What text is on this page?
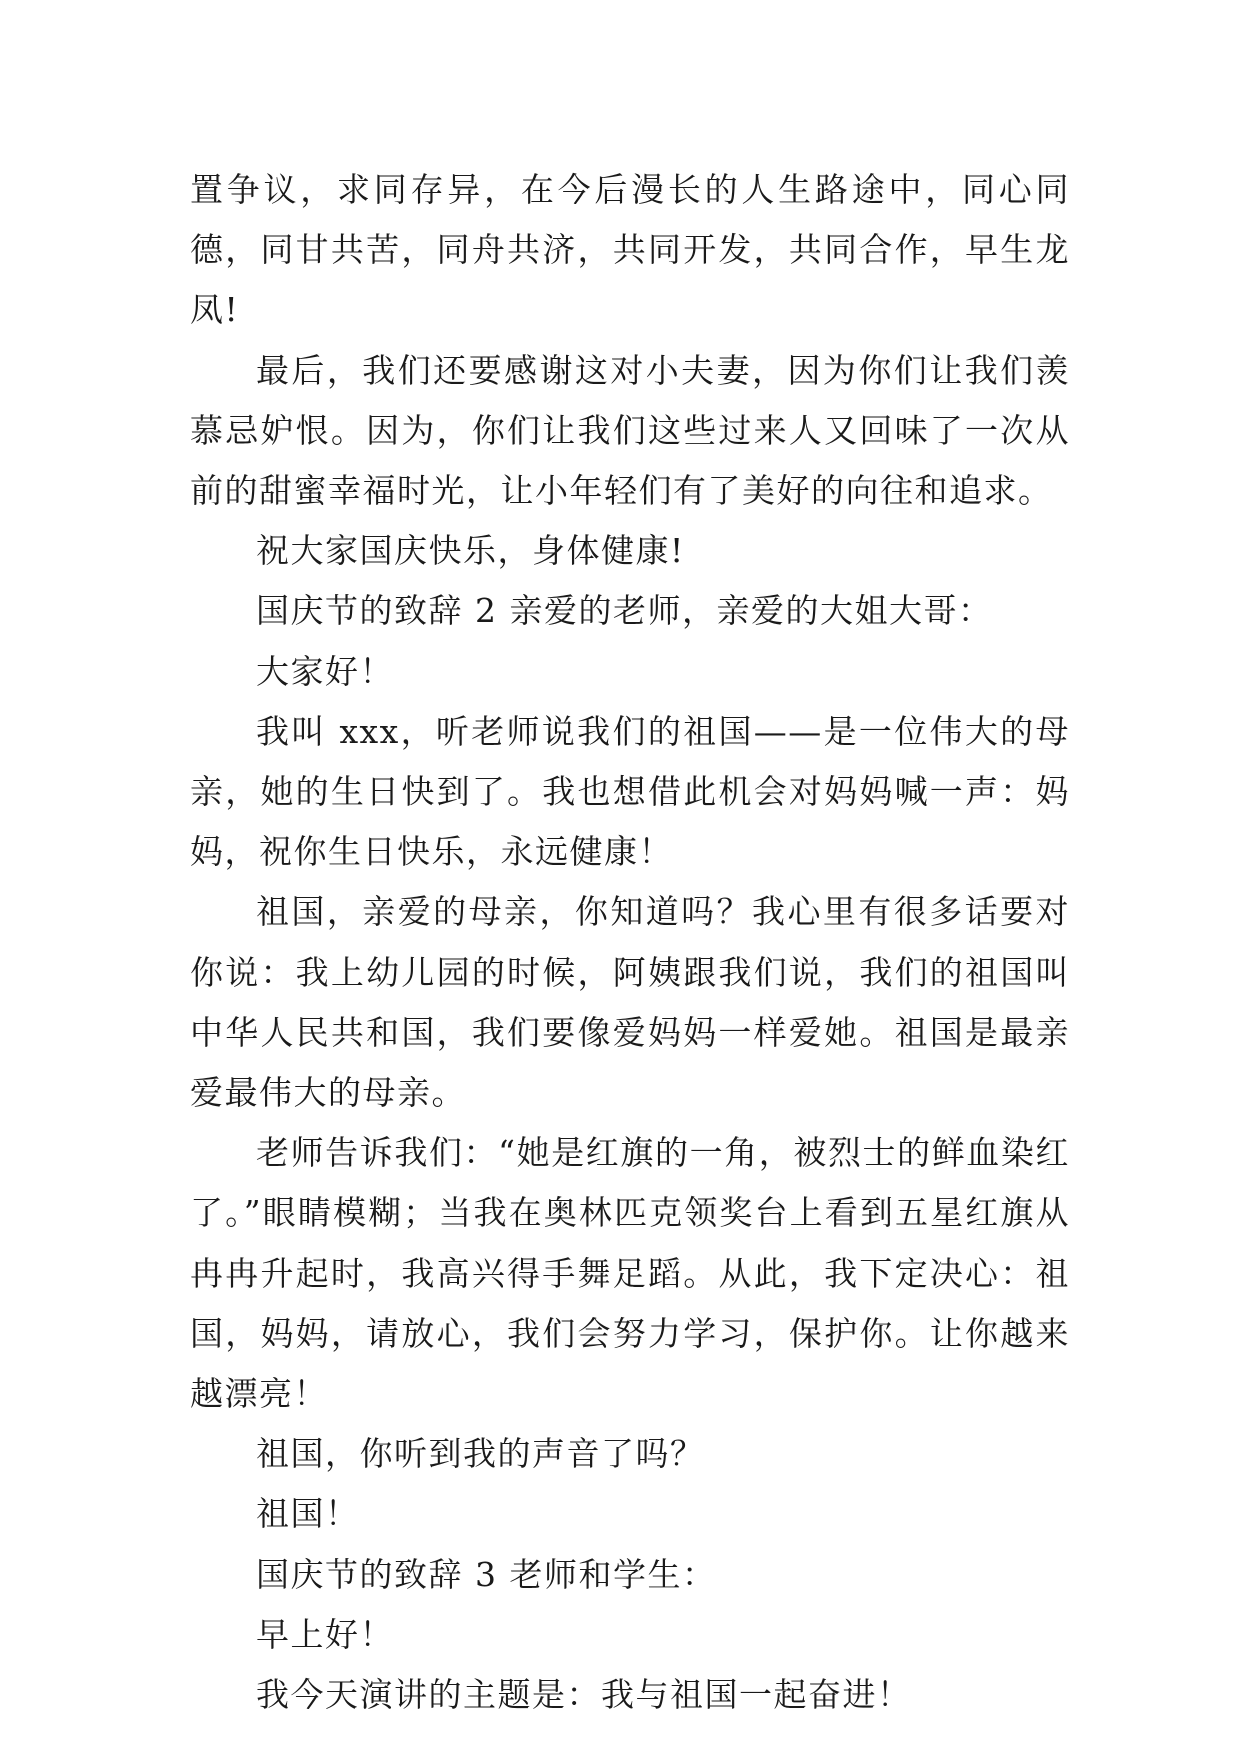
置争议，求同存异，在今后漫长的人生路途中，同心同德，同甘共苦，同舟共济，共同开发，共同合作，早生龙凤!

最后，我们还要感谢这对小夫妻，因为你们让我们羡慕忌妒恨。因为，你们让我们这些过来人又回味了一次从前的甜蜜幸福时光，让小年轻们有了美好的向往和追求。

祝大家国庆快乐，身体健康!

国庆节的致辞 2 亲爱的老师，亲爱的大姐大哥：

大家好！

我叫 xxx，听老师说我们的祖国——是一位伟大的母亲，她的生日快到了。我也想借此机会对妈妈喊一声：妈妈，祝你生日快乐，永远健康！

祖国，亲爱的母亲，你知道吗？我心里有很多话要对你说：我上幼儿园的时候，阿姨跟我们说，我们的祖国叫中华人民共和国，我们要像爱妈妈一样爱她。祖国是最亲爱最伟大的母亲。

老师告诉我们：“她是红旗的一角，被烈士的鲜血染红了。”眼睛模糊；当我在奥林匹克领奖台上看到五星红旗从冉冉升起时，我高兴得手舞足蹈。从此，我下定决心：祖国，妈妈，请放心，我们会努力学习，保护你。让你越来越漂亮！

祖国，你听到我的声音了吗？

祖国！

国庆节的致辞 3 老师和学生：

早上好！

我今天演讲的主题是：我与祖国一起奋进！
